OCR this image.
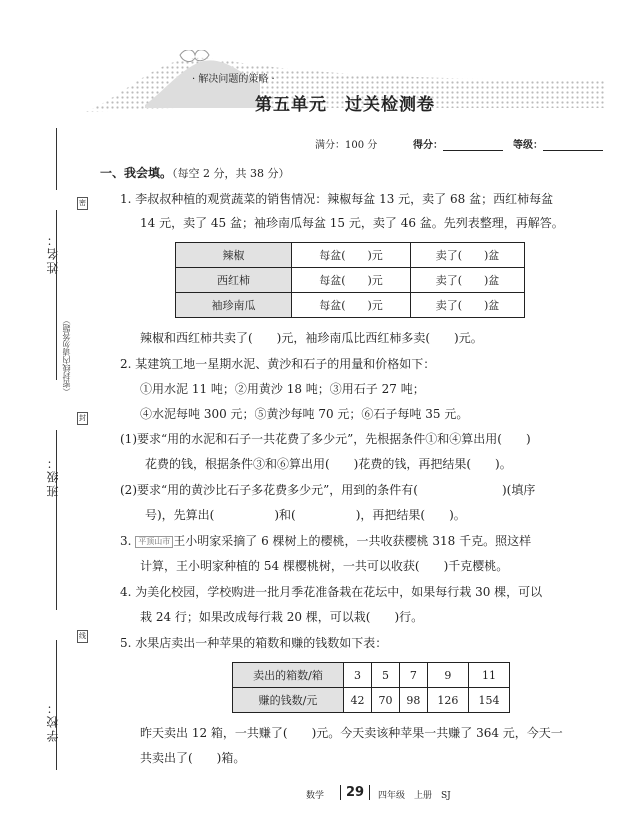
密
封
线
姓名：
（密封线内请勿答题）
班级：
学校：
· 解决问题的策略 ·
第五单元 过关检测卷
满分：100 分	得分：	等级：
一、我会填。（每空 2 分，共 38 分）
1. 李叔叔种植的观赏蔬菜的销售情况：辣椒每盆 13 元，卖了 68 盆；西红柿每盆
14 元，卖了 45 盆；袖珍南瓜每盆 15 元，卖了 46 盆。先列表整理，再解答。
辣椒	每盆(　　)元	卖了(　　)盆
西红柿	每盆(　　)元	卖了(　　)盆
袖珍南瓜	每盆(　　)元	卖了(　　)盆
辣椒和西红柿共卖了(　　)元，袖珍南瓜比西红柿多卖(　　)元。
2. 某建筑工地一星期水泥、黄沙和石子的用量和价格如下：
①用水泥 11 吨；②用黄沙 18 吨；③用石子 27 吨；
④水泥每吨 300 元；⑤黄沙每吨 70 元；⑥石子每吨 35 元。
(1)要求“用的水泥和石子一共花费了多少元”，先根据条件①和④算出用(　　)
花费的钱，根据条件③和⑥算出用(　　)花费的钱，再把结果(　　)。
(2)要求“用的黄沙比石子多花费多少元”，用到的条件有(　　　　　　　)(填序
号)，先算出(　　　　　)和(　　　　　)，再把结果(　　)。
3. 平顶山市 王小明家采摘了 6 棵树上的樱桃，一共收获樱桃 318 千克。照这样
计算，王小明家种植的 54 棵樱桃树，一共可以收获(　　)千克樱桃。
4. 为美化校园，学校购进一批月季花准备栽在花坛中，如果每行栽 30 棵，可以
栽 24 行；如果改成每行栽 20 棵，可以栽(　　)行。
5. 水果店卖出一种苹果的箱数和赚的钱数如下表：
卖出的箱数/箱	3	5	7	9	11
赚的钱数/元	42	70	98	126	154
昨天卖出 12 箱，一共赚了(　　)元。今天卖该种苹果一共赚了 364 元，今天一
共卖出了(　　)箱。
数学	29	四年级　上册　SJ
